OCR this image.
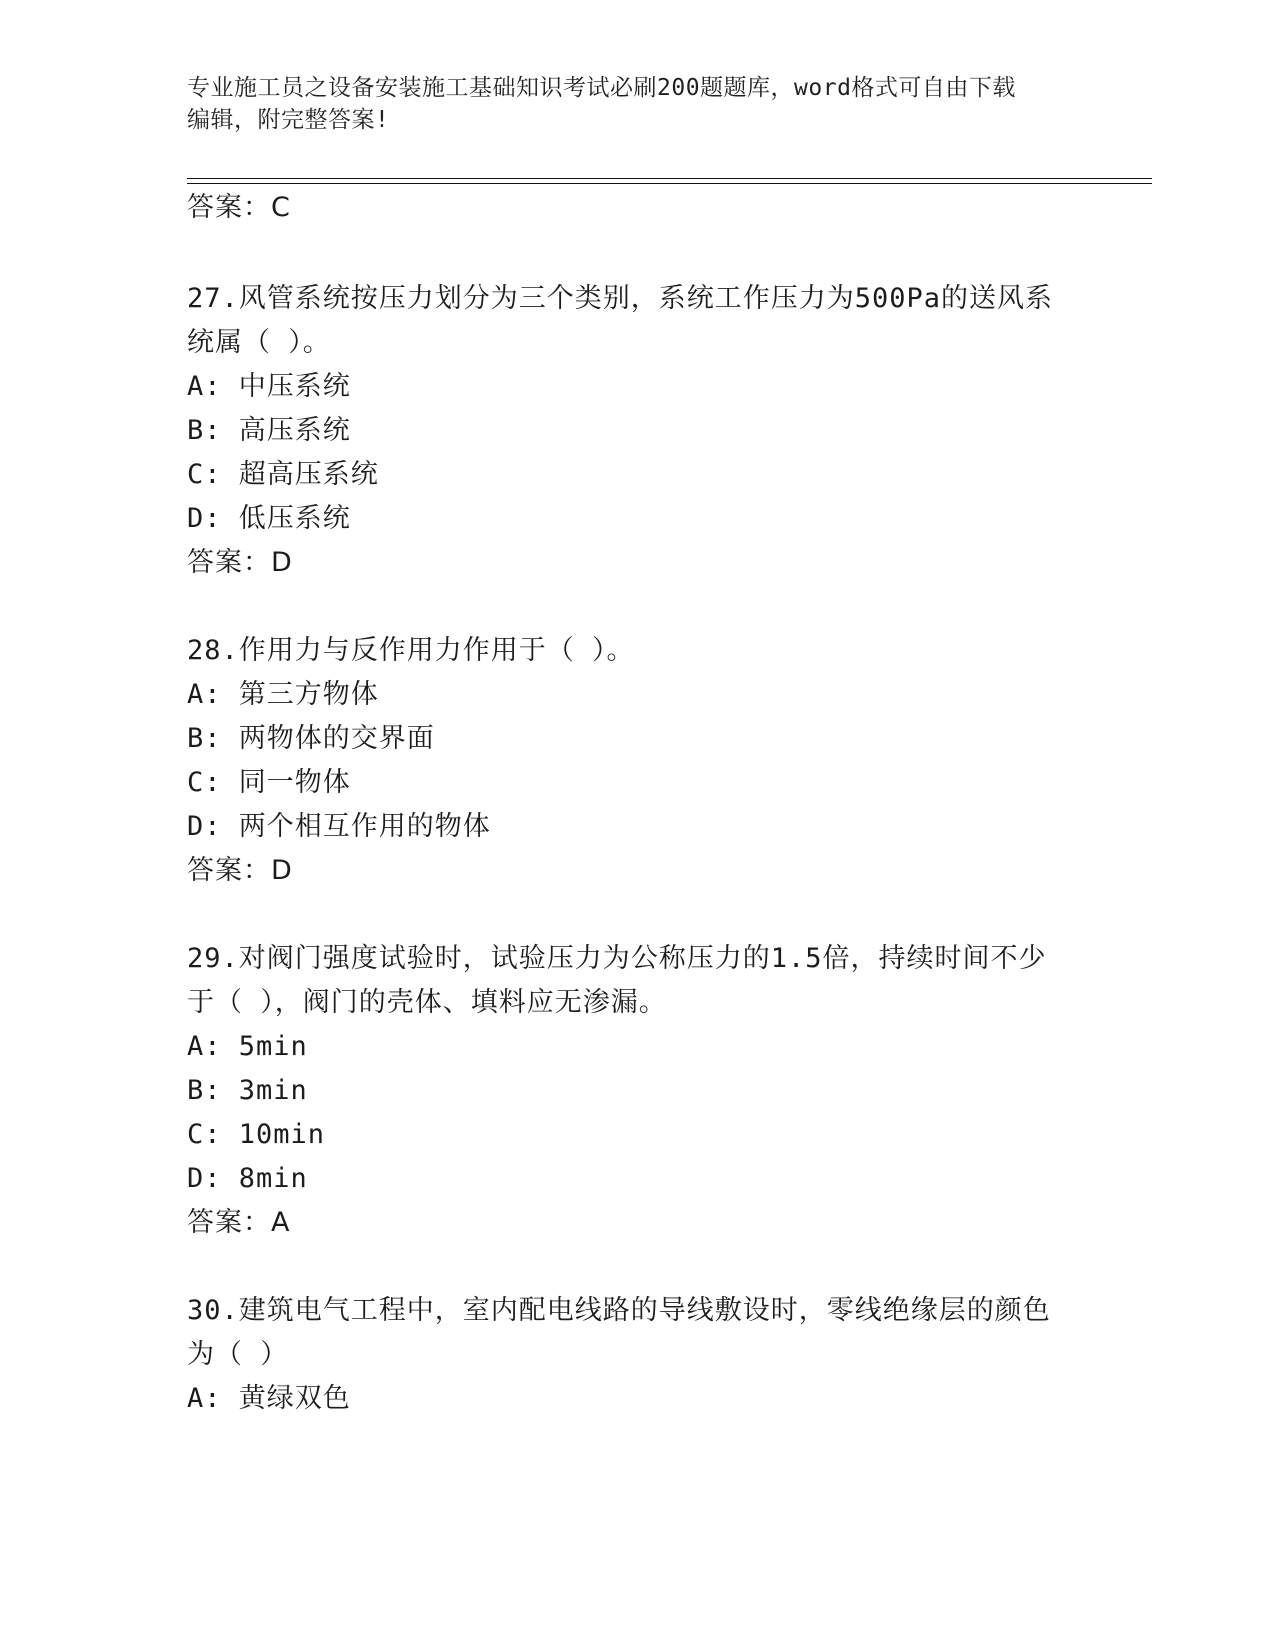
专业施工员之设备安装施工基础知识考试必刷200题题库，word格式可自由下载
编辑，附完整答案!
答案：C
27.风管系统按压力划分为三个类别，系统工作压力为500Pa的送风系
统属（ ）。
A: 中压系统
B: 高压系统
C: 超高压系统
D: 低压系统
答案：D
28.作用力与反作用力作用于（ ）。
A: 第三方物体
B: 两物体的交界面
C: 同一物体
D: 两个相互作用的物体
答案：D
29.对阀门强度试验时，试验压力为公称压力的1.5倍，持续时间不少
于（ ），阀门的壳体、填料应无渗漏。
A: 5min
B: 3min
C: 10min
D: 8min
答案：A
30.建筑电气工程中，室内配电线路的导线敷设时，零线绝缘层的颜色
为（ ）
A: 黄绿双色
